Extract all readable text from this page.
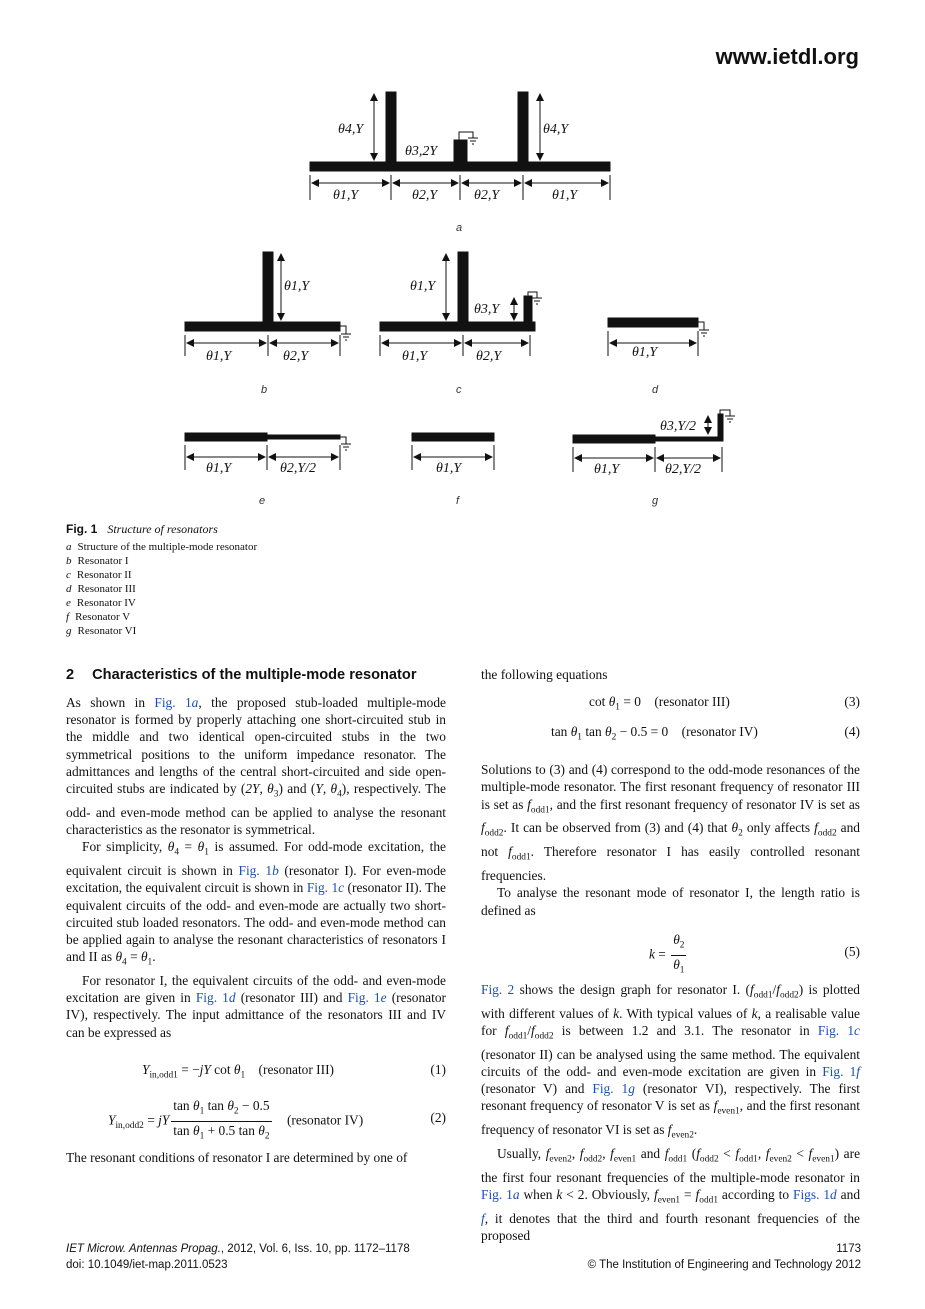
www.ietdl.org
θ4,Y	θ4,Y
θ3,2Y
θ1,Y	θ2,Y	θ2,Y	θ1,Y
θ1,Y
θ1,Y	θ2,Y
θ1,Y
θ3,Y
θ1,Y	θ2,Y	θ1,Y
θ1,Y	θ2,Y/2	θ1,Y
θ3,Y/2
θ1,Y	θ2,Y/2
a
b	c	d
e	f	g
Fig. 1 Structure of resonators
a Structure of the multiple-mode resonator
b Resonator I
c Resonator II
d Resonator III
e Resonator IV
f Resonator V
g Resonator VI

2 Characteristics of the multiple-mode resonator

As shown in Fig. 1a, the proposed stub-loaded multiple-mode resonator is formed by properly attaching one short-circuited stub in the middle and two identical open-circuited stubs in the two symmetrical positions to the uniform impedance resonator. The admittances and lengths of the central short-circuited and side open-circuited stubs are indicated by (2Y, $\theta_3$) and (Y, $\theta_4$), respectively. The odd- and even-mode method can be applied to analyse the resonant characteristics as the resonator is symmetrical.

For simplicity, $\theta_4 = \theta_1$ is assumed. For odd-mode excitation, the equivalent circuit is shown in Fig. 1b (resonator I). For even-mode excitation, the equivalent circuit is shown in Fig. 1c (resonator II). The equivalent circuits of the odd- and even-mode are actually two short-circuited stub loaded resonators. The odd- and even-mode method can be applied again to analyse the resonant characteristics of resonators I and II as $\theta_4 = \theta_1$.

For resonator I, the equivalent circuits of the odd- and even-mode excitation are given in Fig. 1d (resonator III) and Fig. 1e (resonator IV), respectively. The input admittance of the resonators III and IV can be expressed as

$Y_{in,odd1} = -jY$ $\cot \theta_1$ (resonator III)	(1)
$Y_{in,odd2}$ = jY $\frac{\tan \theta_1 \tan \theta_2 - 0.5}{\tan \theta_1 + 0.5 \tan \theta_2}$ (resonator IV)	(2)

The resonant conditions of resonator I are determined by one of

the following equations

$\cot \theta_1 = 0$    (resonator III)	(3)
$\tan \theta_1$ $\tan \theta_2 - 0.5 = 0$    (resonator IV)	(4)

Solutions to (3) and (4) correspond to the odd-mode resonances of the multiple-mode resonator. The first resonant frequency of resonator III is set as $f_{odd1}$, and the first resonant frequency of resonator IV is set as $f_{odd2}$. It can be observed from (3) and (4) that $\theta_2$ only affects $f_{odd2}$ and not $f_{odd1}$. Therefore resonator I has easily controlled resonant frequencies.

To analyse the resonant mode of resonator I, the length ratio is defined as

$k = \frac{\theta_2}{\theta_1}$	(5)

Fig. 2 shows the design graph for resonator I. $(f_{odd1}/f_{odd2})$ is plotted with different values of k. With typical values of k, a realisable value for $f_{odd1}/f_{odd2}$ is between 1.2 and 3.1. The resonator in Fig. 1c (resonator II) can be analysed using the same method. The equivalent circuits of the odd- and even-mode excitation are given in Fig. 1f (resonator V) and Fig. 1g (resonator VI), respectively. The first resonant frequency of resonator V is set as $f_{even1}$, and the first resonant frequency of resonator VI is set as $f_{even2}$.

Usually, $f_{even2}$, $f_{odd2}$, $f_{even1}$ and $f_{odd1}$ ($f_{odd2} < f_{odd1}$, $f_{even2} < f_{even1}$) are the first four resonant frequencies of the multiple-mode resonator in Fig. 1a when k < 2. Obviously, $f_{even1} = f_{odd1}$ according to Figs. 1d and f, it denotes that the third and fourth resonant frequencies of the proposed

IET Microw. Antennas Propag., 2012, Vol. 6, Iss. 10, pp. 1172–1178
doi: 10.1049/iet-map.2011.0523
1173
© The Institution of Engineering and Technology 2012
